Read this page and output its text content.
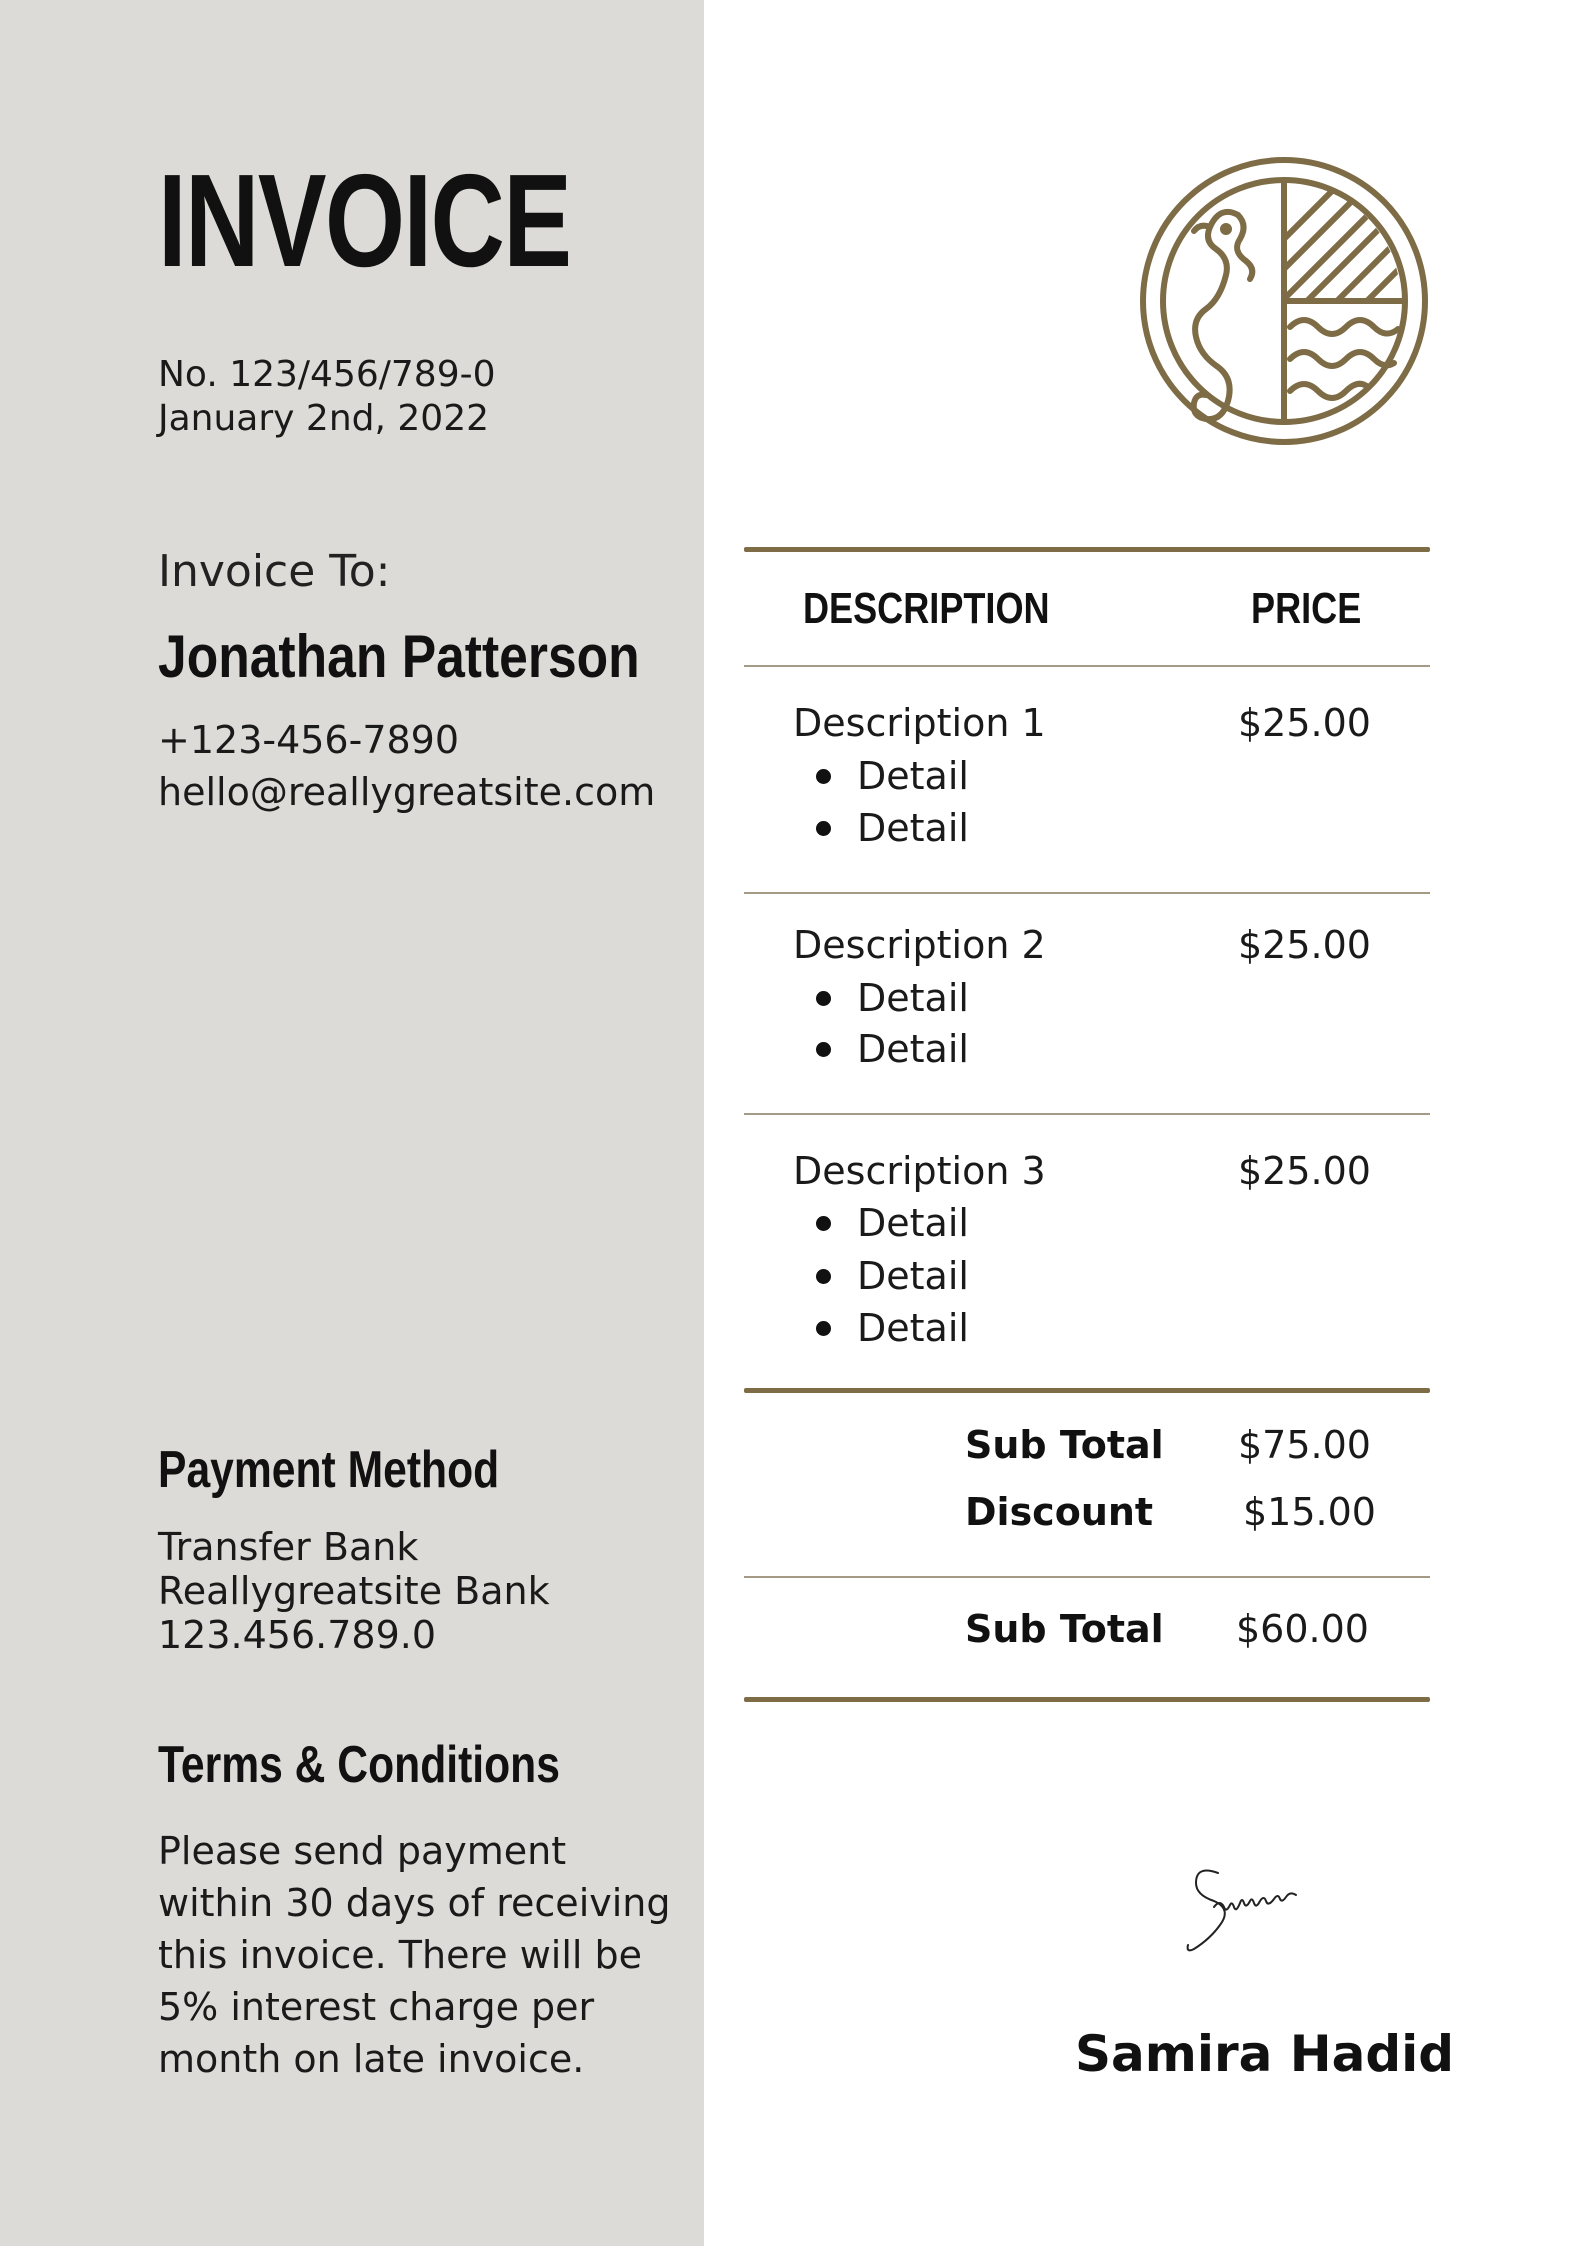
INVOICE
No. 123/456/789-0
January 2nd, 2022
Invoice To:
Jonathan Patterson
+123-456-7890
hello@reallygreatsite.com
Payment Method
Transfer Bank
Reallygreatsite Bank
123.456.789.0
Terms & Conditions
Please send payment within 30 days of receiving this invoice. There will be 5% interest charge per month on late invoice.
DESCRIPTION	PRICE
Description 1	$25.00
Detail
Detail
Description 2	$25.00
Detail
Detail
Description 3	$25.00
Detail
Detail
Detail
Sub Total $75.00
Discount $15.00
Sub Total $60.00
Samira Hadid
